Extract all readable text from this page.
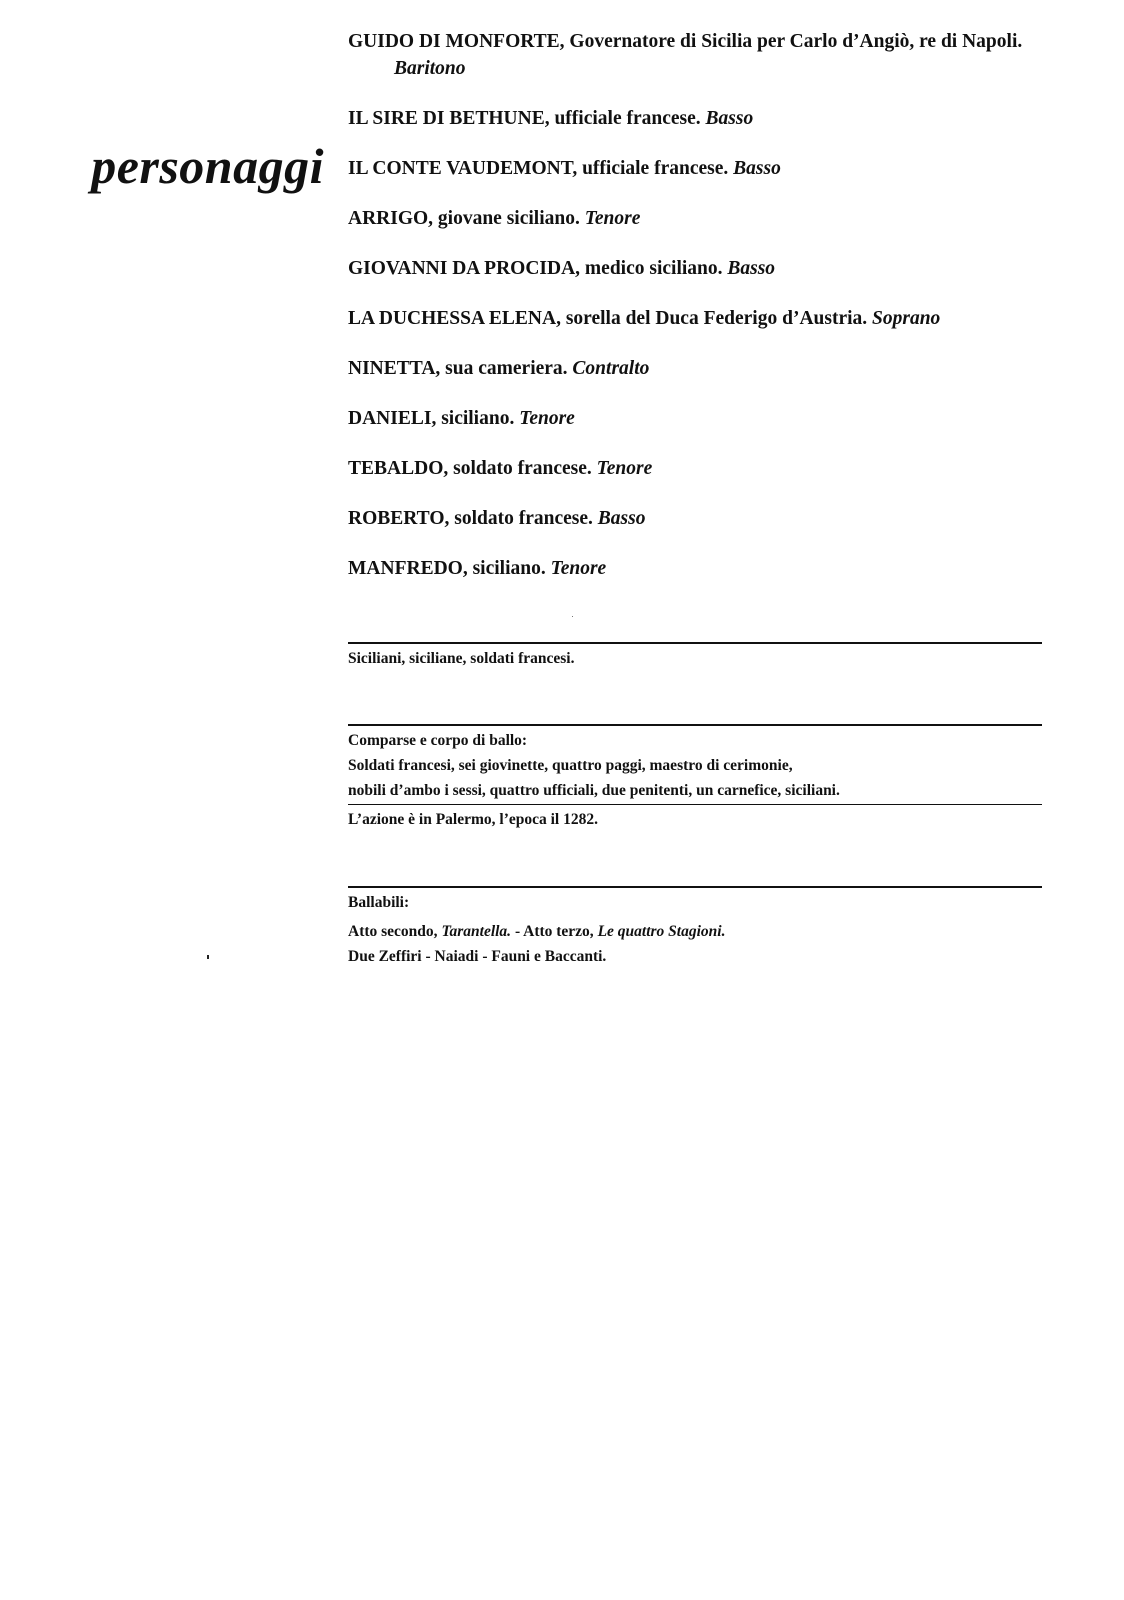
personaggi
GUIDO DI MONFORTE, Governatore di Sicilia per Carlo d’Angiò, re di Napoli. Baritono
IL SIRE DI BETHUNE, ufficiale francese. Basso
IL CONTE VAUDEMONT, ufficiale francese. Basso
ARRIGO, giovane siciliano. Tenore
GIOVANNI DA PROCIDA, medico siciliano. Basso
LA DUCHESSA ELENA, sorella del Duca Federigo d’Austria. Soprano
NINETTA, sua cameriera. Contralto
DANIELI, siciliano. Tenore
TEBALDO, soldato francese. Tenore
ROBERTO, soldato francese. Basso
MANFREDO, siciliano. Tenore
Siciliani, siciliane, soldati francesi.
Comparse e corpo di ballo:
Soldati francesi, sei giovinette, quattro paggi, maestro di cerimonie,
nobili d’ambo i sessi, quattro ufficiali, due penitenti, un carnefice, siciliani.
L’azione è in Palermo, l’epoca il 1282.
Ballabili:
Atto secondo, Tarantella. - Atto terzo, Le quattro Stagioni.
Due Zeffiri - Naiadi - Fauni e Baccanti.
